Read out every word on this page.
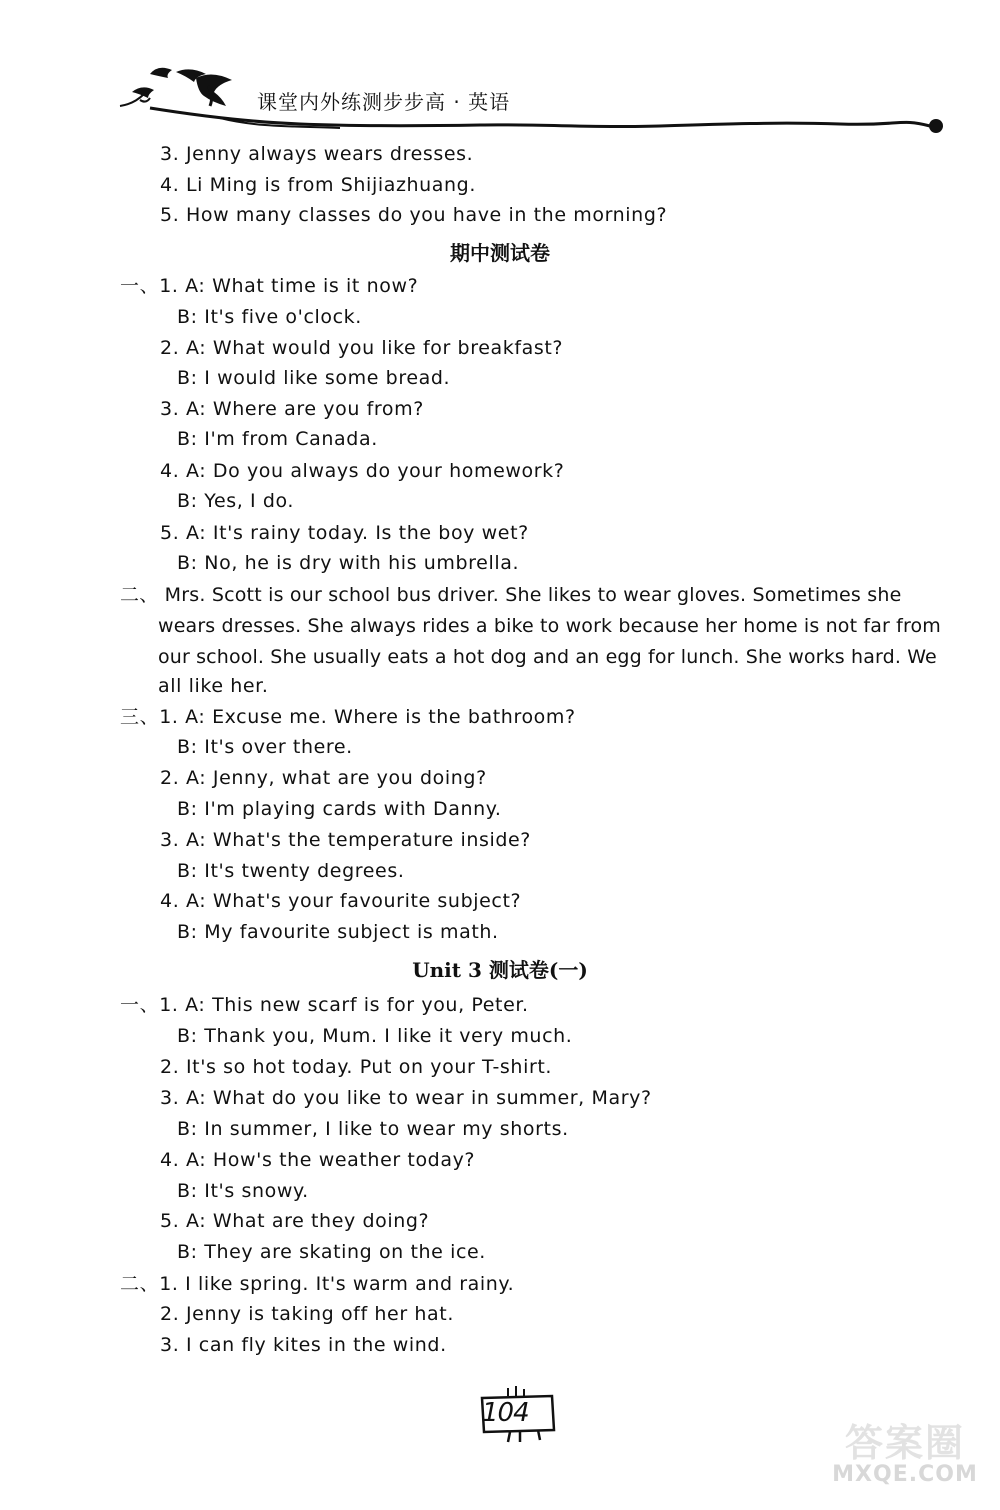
课堂内外练测步步高 · 英语
3. Jenny always wears dresses.
4. Li Ming is from Shijiazhuang.
5. How many classes do you have in the morning?
期中测试卷
一、1. A: What time is it now?
B: It's five o'clock.
2. A: What would you like for breakfast?
B: I would like some bread.
3. A: Where are you from?
B: I'm from Canada.
4. A: Do you always do your homework?
B: Yes, I do.
5. A: It's rainy today. Is the boy wet?
B: No, he is dry with his umbrella.
二、 Mrs. Scott is our school bus driver. She likes to wear gloves. Sometimes she
wears dresses. She always rides a bike to work because her home is not far from
our school. She usually eats a hot dog and an egg for lunch. She works hard. We
all like her.
三、1. A: Excuse me. Where is the bathroom?
B: It's over there.
2. A: Jenny, what are you doing?
B: I'm playing cards with Danny.
3. A: What's the temperature inside?
B: It's twenty degrees.
4. A: What's your favourite subject?
B: My favourite subject is math.
Unit 3 测试卷(一)
一、1. A: This new scarf is for you, Peter.
B: Thank you, Mum. I like it very much.
2. It's so hot today. Put on your T-shirt.
3. A: What do you like to wear in summer, Mary?
B: In summer, I like to wear my shorts.
4. A: How's the weather today?
B: It's snowy.
5. A: What are they doing?
B: They are skating on the ice.
二、1. I like spring. It's warm and rainy.
2. Jenny is taking off her hat.
3. I can fly kites in the wind.
104
答案圈
MXQE.COM
